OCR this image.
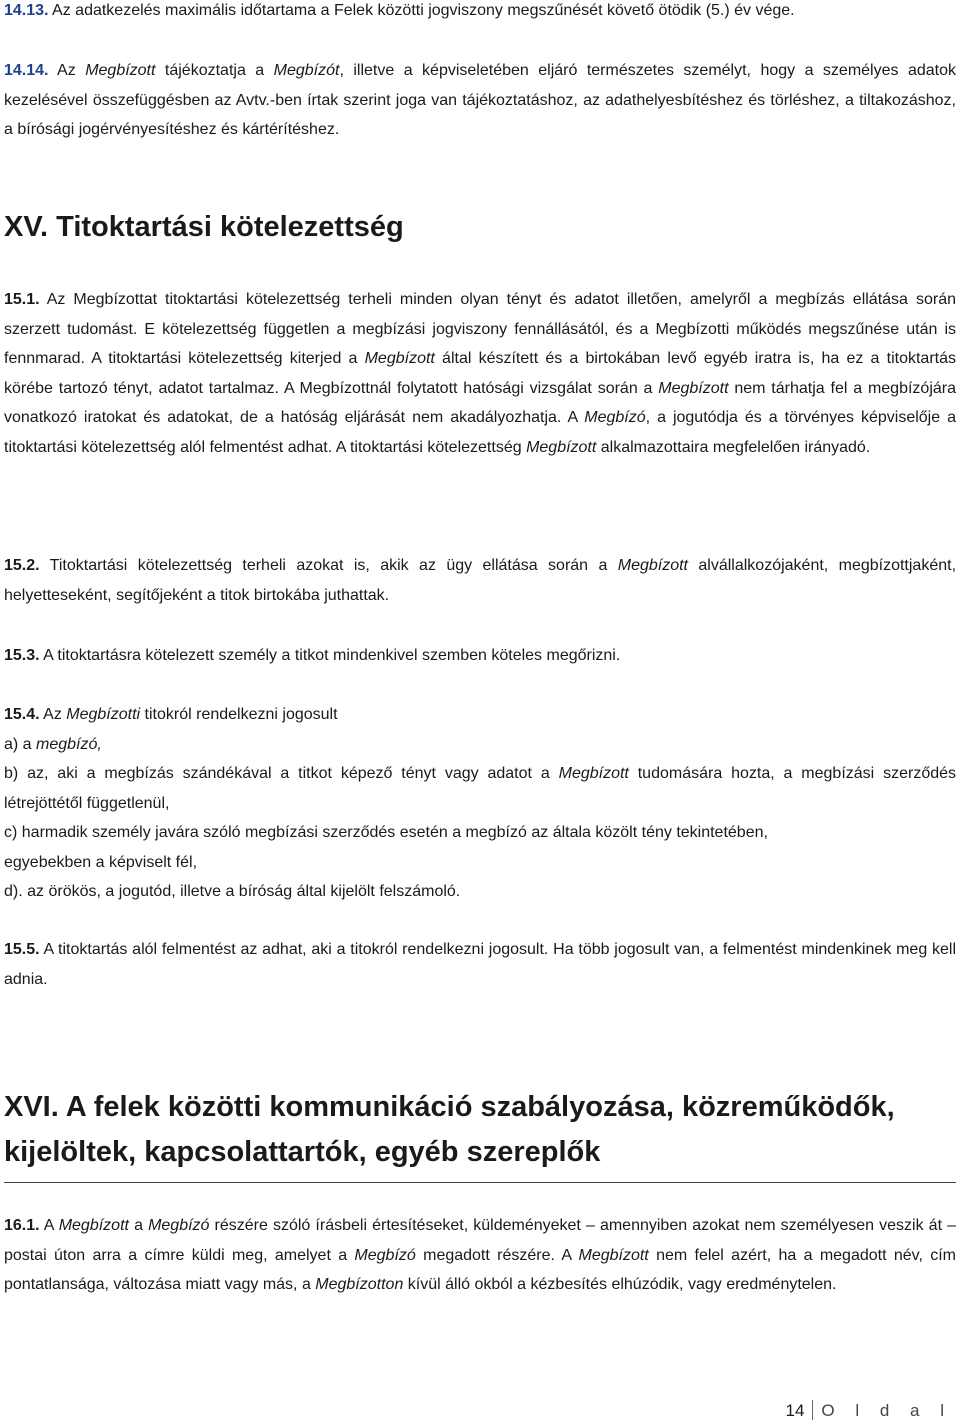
14.13. Az adatkezelés maximális időtartama a Felek közötti jogviszony megszűnését követő ötödik (5.) év vége.

14.14. Az Megbízott tájékoztatja a Megbízót, illetve a képviseletében eljáró természetes személyt, hogy a személyes adatok kezelésével összefüggésben az Avtv.-ben írtak szerint joga van tájékoztatáshoz, az adathelyesbítéshez és törléshez, a tiltakozáshoz, a bírósági jogérvényesítéshez és kártérítéshez.

XV. Titoktartási kötelezettség

15.1. Az Megbízottat titoktartási kötelezettség terheli minden olyan tényt és adatot illetően, amelyről a megbízás ellátása során szerzett tudomást. E kötelezettség független a megbízási jogviszony fennállásától, és a Megbízotti működés megszűnése után is fennmarad. A titoktartási kötelezettség kiterjed a Megbízott által készített és a birtokában levő egyéb iratra is, ha ez a titoktartás körébe tartozó tényt, adatot tartalmaz. A Megbízottnál folytatott hatósági vizsgálat során a Megbízott nem tárhatja fel a megbízójára vonatkozó iratokat és adatokat, de a hatóság eljárását nem akadályozhatja. A Megbízó, a jogutódja és a törvényes képviselője a titoktartási kötelezettség alól felmentést adhat. A titoktartási kötelezettség Megbízott alkalmazottaira megfelelően irányadó.

15.2. Titoktartási kötelezettség terheli azokat is, akik az ügy ellátása során a Megbízott alvállalkozójaként, megbízottjaként, helyetteseként, segítőjeként a titok birtokába juthattak.

15.3. A titoktartásra kötelezett személy a titkot mindenkivel szemben köteles megőrizni.

15.4. Az Megbízotti titokról rendelkezni jogosult

a) a megbízó,

b) az, aki a megbízás szándékával a titkot képező tényt vagy adatot a Megbízott tudomására hozta, a megbízási szerződés létrejöttétől függetlenül,

c) harmadik személy javára szóló megbízási szerződés esetén a megbízó az általa közölt tény tekintetében, egyebekben a képviselt fél,

d). az örökös, a jogutód, illetve a bíróság által kijelölt felszámoló.

15.5. A titoktartás alól felmentést az adhat, aki a titokról rendelkezni jogosult. Ha több jogosult van, a felmentést mindenkinek meg kell adnia.

XVI. A felek közötti kommunikáció szabályozása, közreműködők, kijelöltek, kapcsolattartók, egyéb szereplők

16.1. A Megbízott a Megbízó részére szóló írásbeli értesítéseket, küldeményeket – amennyiben azokat nem személyesen veszik át – postai úton arra a címre küldi meg, amelyet a Megbízó megadott részére. A Megbízott nem felel azért, ha a megadott név, cím pontatlansága, változása miatt vagy más, a Megbízotton kívül álló okból a kézbesítés elhúzódik, vagy eredménytelen.

14 O l d a l
